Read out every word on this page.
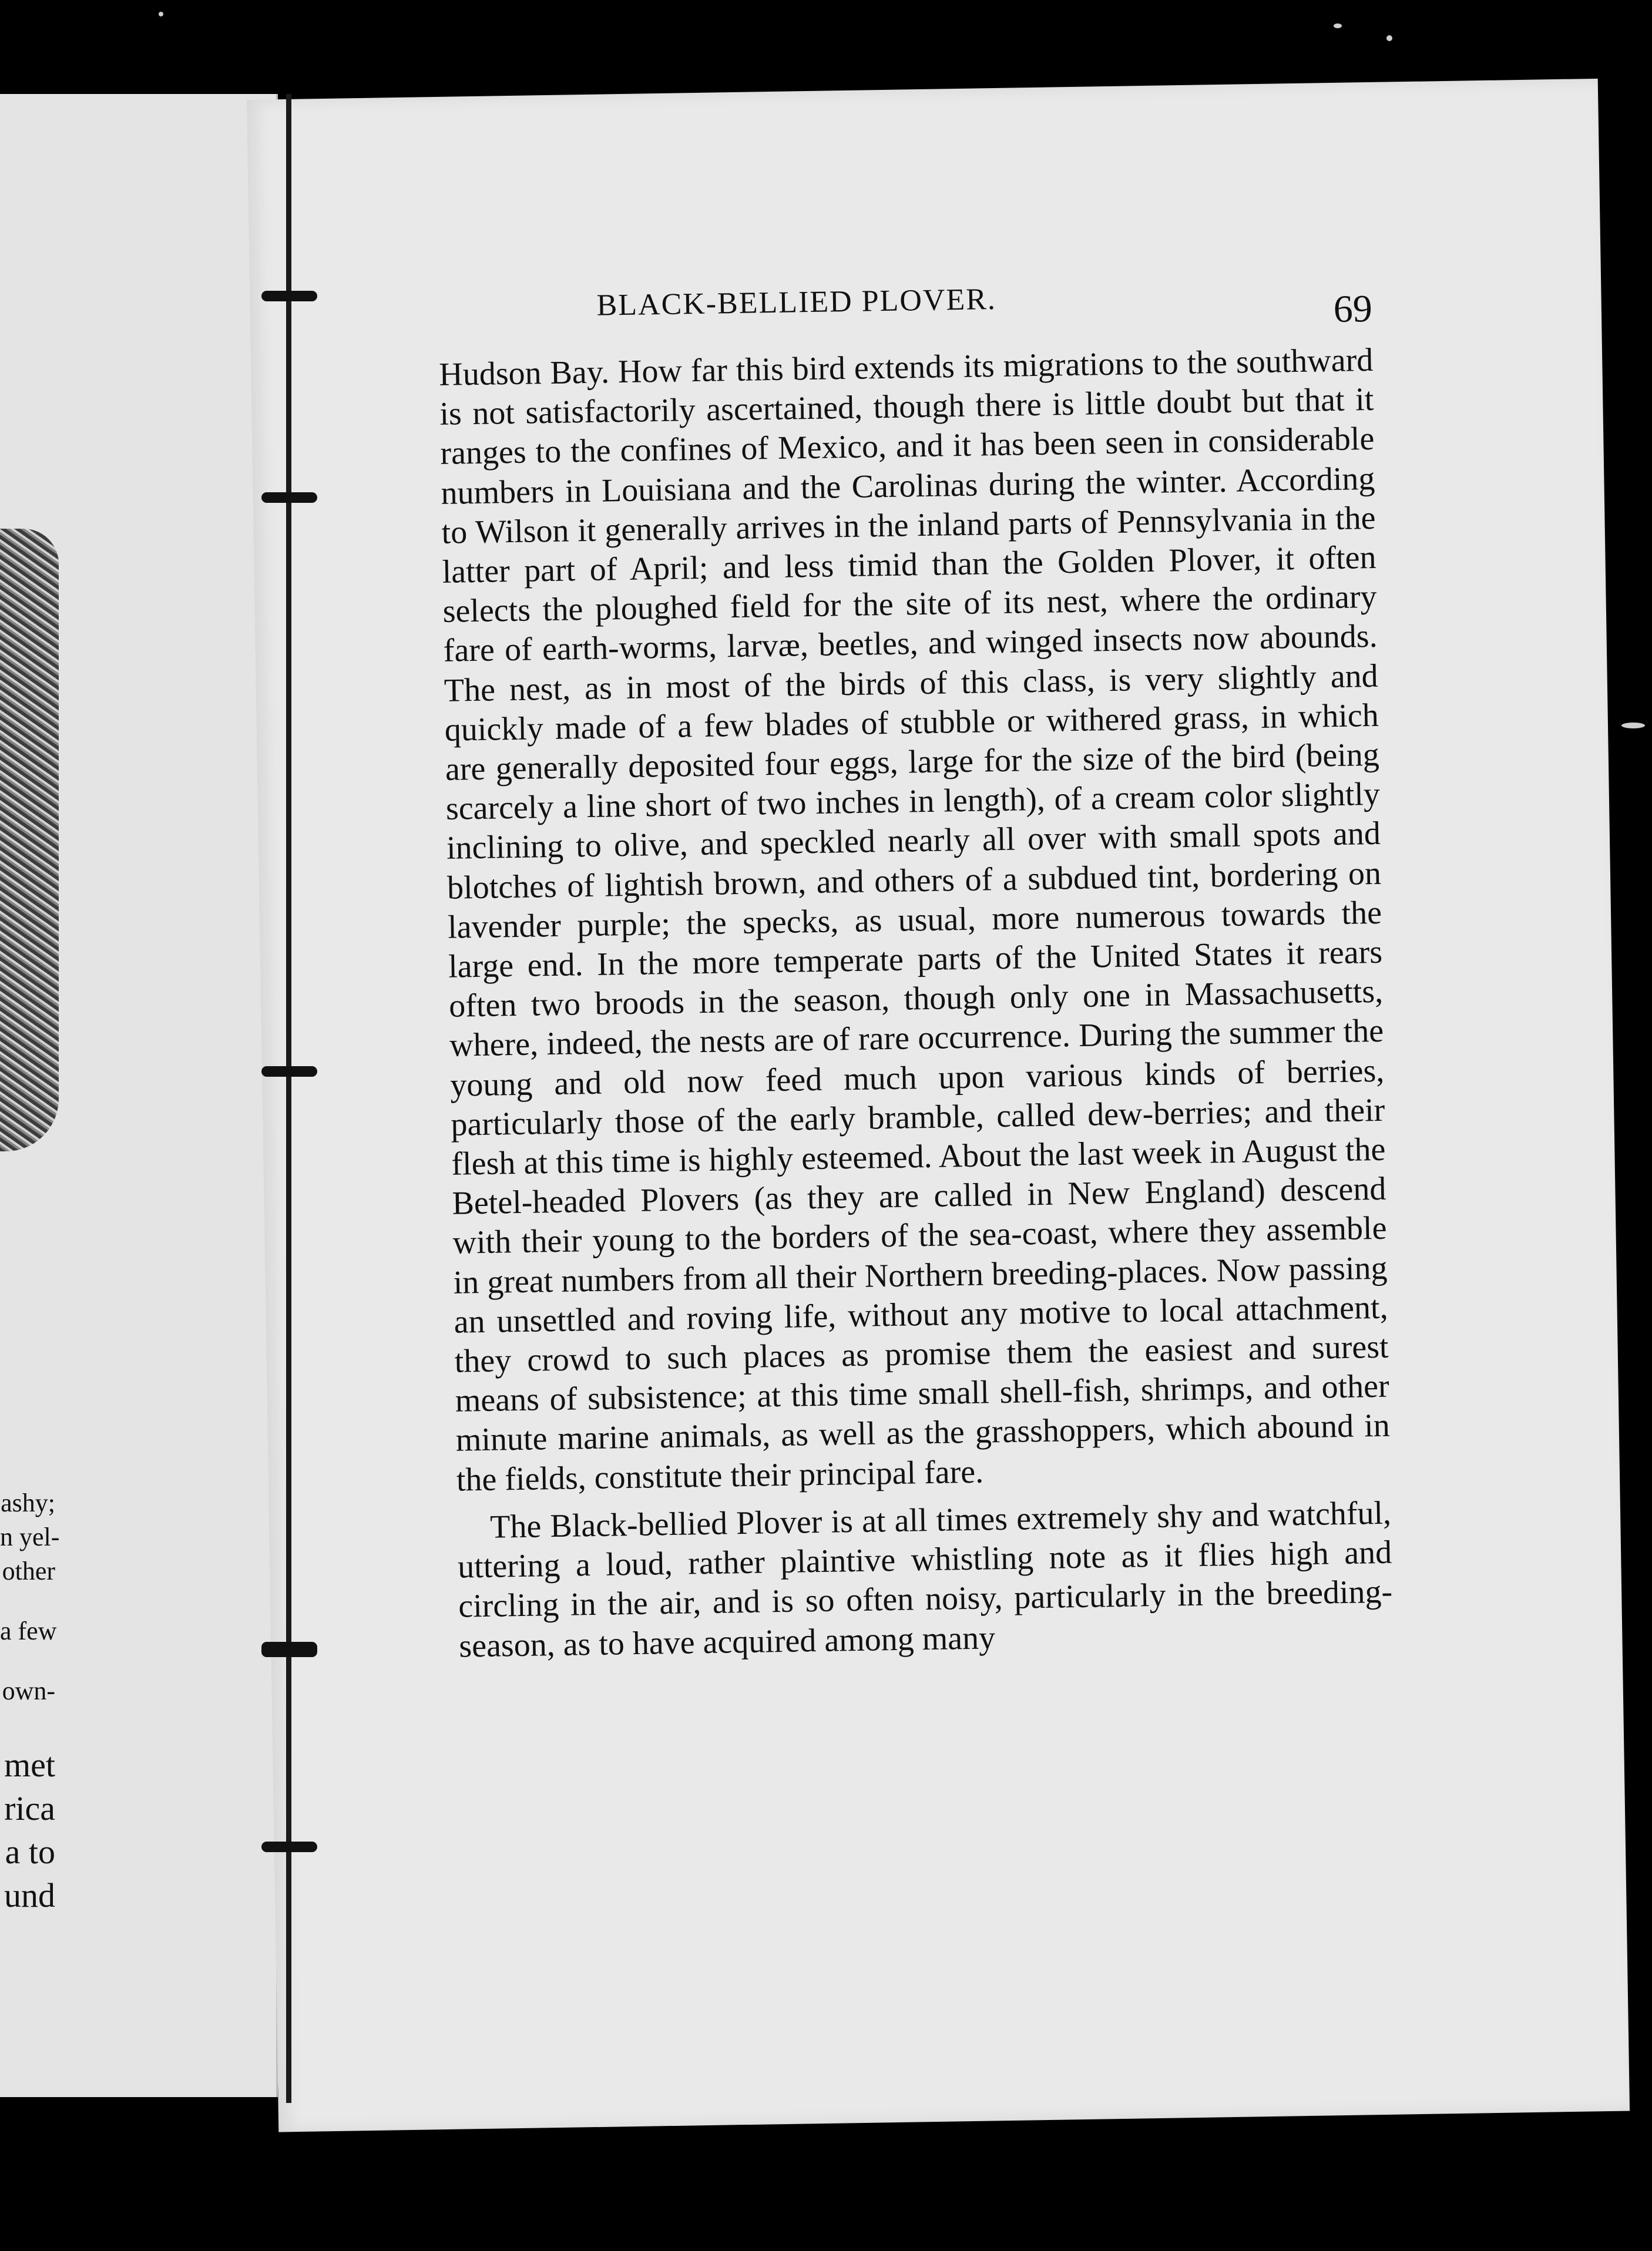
ashy;
n yel-
other
a few
own-
met
rica
a to
und
BLACK-BELLIED PLOVER.	69

Hudson Bay. How far this bird extends its migrations to the southward is not satisfactorily ascertained, though there is little doubt but that it ranges to the confines of Mexico, and it has been seen in considerable numbers in Louisiana and the Carolinas during the winter. According to Wilson it generally arrives in the inland parts of Pennsylvania in the latter part of April; and less timid than the Golden Plover, it often selects the ploughed field for the site of its nest, where the ordinary fare of earth-worms, larvæ, beetles, and winged insects now abounds. The nest, as in most of the birds of this class, is very slightly and quickly made of a few blades of stubble or withered grass, in which are generally deposited four eggs, large for the size of the bird (being scarcely a line short of two inches in length), of a cream color slightly inclining to olive, and speckled nearly all over with small spots and blotches of lightish brown, and others of a subdued tint, bordering on lavender purple; the specks, as usual, more numerous towards the large end. In the more temperate parts of the United States it rears often two broods in the season, though only one in Massachusetts, where, indeed, the nests are of rare occurrence. During the summer the young and old now feed much upon various kinds of berries, particularly those of the early bramble, called dew-berries; and their flesh at this time is highly esteemed. About the last week in August the Betel-headed Plovers (as they are called in New England) descend with their young to the borders of the sea-coast, where they assemble in great numbers from all their Northern breeding-places. Now passing an unsettled and roving life, without any motive to local attachment, they crowd to such places as promise them the easiest and surest means of subsistence; at this time small shell-fish, shrimps, and other minute marine animals, as well as the grasshoppers, which abound in the fields, constitute their principal fare.

The Black-bellied Plover is at all times extremely shy and watchful, uttering a loud, rather plaintive whistling note as it flies high and circling in the air, and is so often noisy, particularly in the breeding-season, as to have acquired among many
